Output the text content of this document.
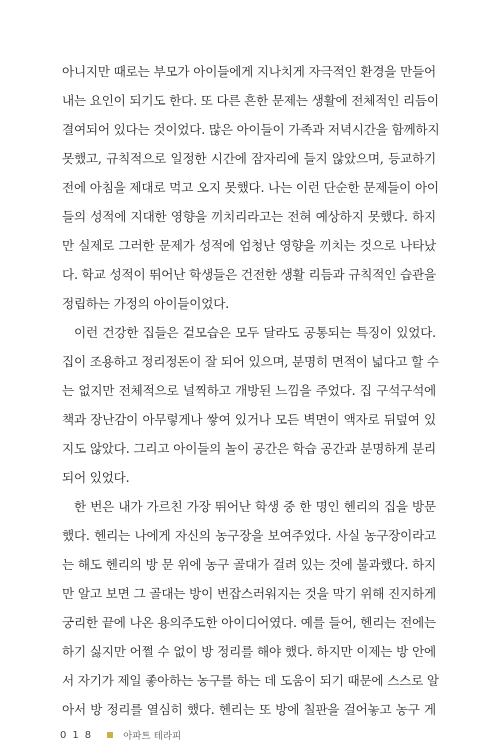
아니지만 때로는 부모가 아이들에게 지나치게 자극적인 환경을 만들어
내는 요인이 되기도 한다. 또 다른 흔한 문제는 생활에 전체적인 리듬이
결여되어 있다는 것이었다. 많은 아이들이 가족과 저녁시간을 함께하지
못했고, 규칙적으로 일정한 시간에 잠자리에 들지 않았으며, 등교하기
전에 아침을 제대로 먹고 오지 못했다. 나는 이런 단순한 문제들이 아이
들의 성적에 지대한 영향을 끼치리라고는 전혀 예상하지 못했다. 하지
만 실제로 그러한 문제가 성적에 엄청난 영향을 끼치는 것으로 나타났
다. 학교 성적이 뛰어난 학생들은 건전한 생활 리듬과 규칙적인 습관을
정립하는 가정의 아이들이었다.
이런 건강한 집들은 겉모습은 모두 달라도 공통되는 특징이 있었다.
집이 조용하고 정리정돈이 잘 되어 있으며, 분명히 면적이 넓다고 할 수
는 없지만 전체적으로 널찍하고 개방된 느낌을 주었다. 집 구석구석에
책과 장난감이 아무렇게나 쌓여 있거나 모든 벽면이 액자로 뒤덮여 있
지도 않았다. 그리고 아이들의 놀이 공간은 학습 공간과 분명하게 분리
되어 있었다.
한 번은 내가 가르친 가장 뛰어난 학생 중 한 명인 헨리의 집을 방문
했다. 헨리는 나에게 자신의 농구장을 보여주었다. 사실 농구장이라고
는 해도 헨리의 방 문 위에 농구 골대가 걸려 있는 것에 불과했다. 하지
만 알고 보면 그 골대는 방이 번잡스러워지는 것을 막기 위해 진지하게
궁리한 끝에 나온 용의주도한 아이디어였다. 예를 들어, 헨리는 전에는
하기 싫지만 어쩔 수 없이 방 정리를 해야 했다. 하지만 이제는 방 안에
서 자기가 제일 좋아하는 농구를 하는 데 도움이 되기 때문에 스스로 알
아서 방 정리를 열심히 했다. 헨리는 또 방에 칠판을 걸어놓고 농구 게
018	아파트 테라피
